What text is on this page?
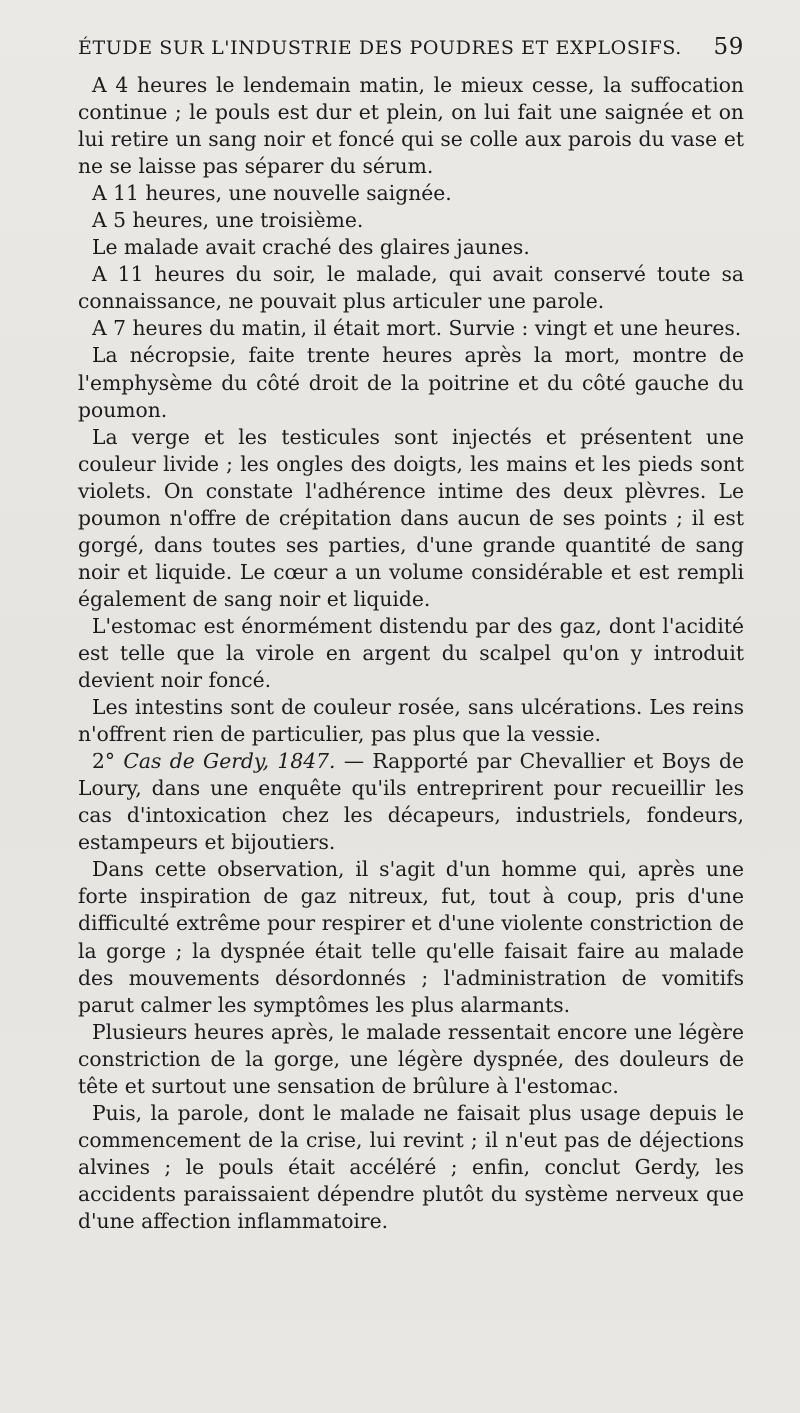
ÉTUDE SUR L'INDUSTRIE DES POUDRES ET EXPLOSIFS. 59

A 4 heures le lendemain matin, le mieux cesse, la suffocation continue ; le pouls est dur et plein, on lui fait une saignée et on lui retire un sang noir et foncé qui se colle aux parois du vase et ne se laisse pas séparer du sérum.

A 11 heures, une nouvelle saignée.

A 5 heures, une troisième.

Le malade avait craché des glaires jaunes.

A 11 heures du soir, le malade, qui avait conservé toute sa connaissance, ne pouvait plus articuler une parole.

A 7 heures du matin, il était mort. Survie : vingt et une heures.

La nécropsie, faite trente heures après la mort, montre de l'emphysème du côté droit de la poitrine et du côté gauche du poumon.

La verge et les testicules sont injectés et présentent une couleur livide ; les ongles des doigts, les mains et les pieds sont violets. On constate l'adhérence intime des deux plèvres. Le poumon n'offre de crépitation dans aucun de ses points ; il est gorgé, dans toutes ses parties, d'une grande quantité de sang noir et liquide. Le cœur a un volume considérable et est rempli également de sang noir et liquide.

L'estomac est énormément distendu par des gaz, dont l'acidité est telle que la virole en argent du scalpel qu'on y introduit devient noir foncé.

Les intestins sont de couleur rosée, sans ulcérations. Les reins n'offrent rien de particulier, pas plus que la vessie.

2° Cas de Gerdy, 1847. — Rapporté par Chevallier et Boys de Loury, dans une enquête qu'ils entreprirent pour recueillir les cas d'intoxication chez les décapeurs, industriels, fondeurs, estampeurs et bijoutiers.

Dans cette observation, il s'agit d'un homme qui, après une forte inspiration de gaz nitreux, fut, tout à coup, pris d'une difficulté extrême pour respirer et d'une violente constriction de la gorge ; la dyspnée était telle qu'elle faisait faire au malade des mouvements désordonnés ; l'administration de vomitifs parut calmer les symptômes les plus alarmants.

Plusieurs heures après, le malade ressentait encore une légère constriction de la gorge, une légère dyspnée, des douleurs de tête et surtout une sensation de brûlure à l'estomac.

Puis, la parole, dont le malade ne faisait plus usage depuis le commencement de la crise, lui revint ; il n'eut pas de déjections alvines ; le pouls était accéléré ; enfin, conclut Gerdy, les accidents paraissaient dépendre plutôt du système nerveux que d'une affection inflammatoire.
